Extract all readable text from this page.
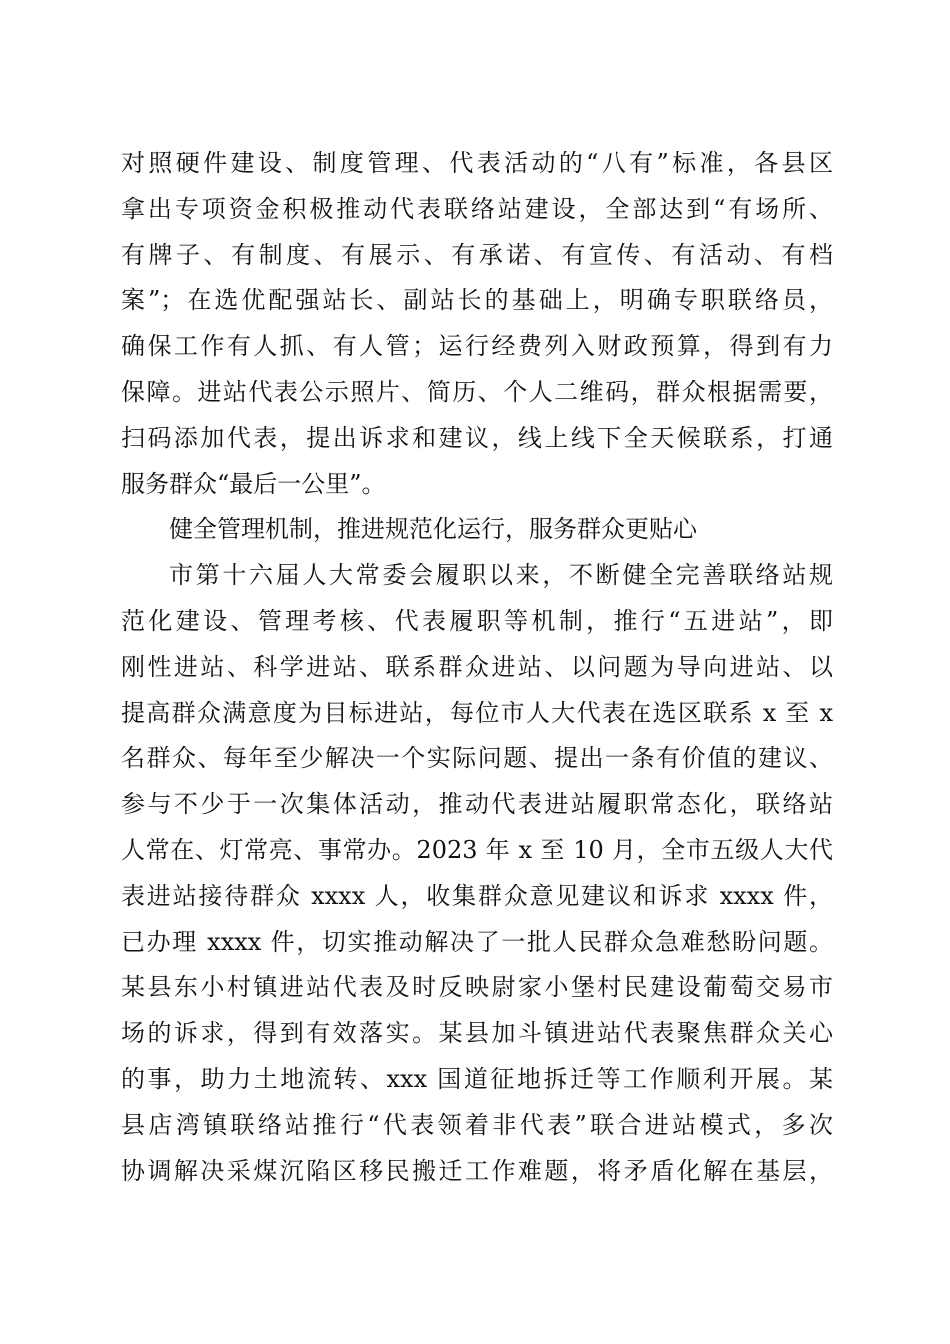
对照硬件建设、制度管理、代表活动的“八有”标准，各县区
拿出专项资金积极推动代表联络站建设，全部达到“有场所、
有牌子、有制度、有展示、有承诺、有宣传、有活动、有档
案”；在选优配强站长、副站长的基础上，明确专职联络员，
确保工作有人抓、有人管；运行经费列入财政预算，得到有力
保障。进站代表公示照片、简历、个人二维码，群众根据需要，
扫码添加代表，提出诉求和建议，线上线下全天候联系，打通
服务群众“最后一公里”。
健全管理机制，推进规范化运行，服务群众更贴心
市第十六届人大常委会履职以来，不断健全完善联络站规
范化建设、管理考核、代表履职等机制，推行“五进站”，即
刚性进站、科学进站、联系群众进站、以问题为导向进站、以
提高群众满意度为目标进站，每位市人大代表在选区联系 x 至 x
名群众、每年至少解决一个实际问题、提出一条有价值的建议、
参与不少于一次集体活动，推动代表进站履职常态化，联络站
人常在、灯常亮、事常办。2023 年 x 至 10 月，全市五级人大代
表进站接待群众 xxxx 人，收集群众意见建议和诉求 xxxx 件，
已办理 xxxx 件，切实推动解决了一批人民群众急难愁盼问题。
某县东小村镇进站代表及时反映尉家小堡村民建设葡萄交易市
场的诉求，得到有效落实。某县加斗镇进站代表聚焦群众关心
的事，助力土地流转、xxx 国道征地拆迁等工作顺利开展。某
县店湾镇联络站推行“代表领着非代表”联合进站模式，多次
协调解决采煤沉陷区移民搬迁工作难题，将矛盾化解在基层，
